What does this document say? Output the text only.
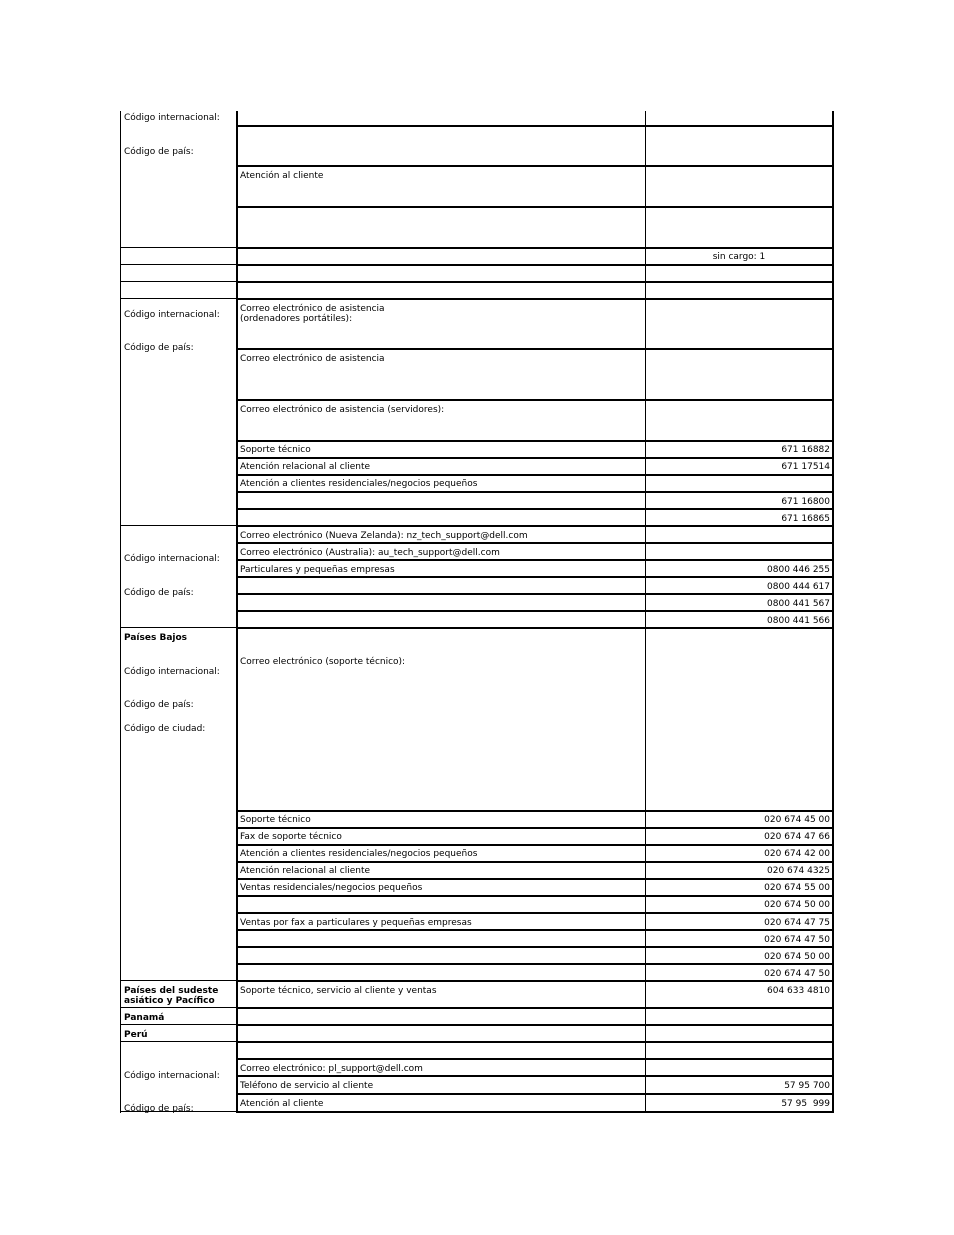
Código internacional:
Código de país:
Código internacional:
Código de país:
Código internacional:
Código de país:
Países Bajos
Código internacional:
Código de país:
Código de ciudad:
Países del sudeste
asiático y Pacífico
Panamá
Perú
Código internacional:
Código de país:
Atención al cliente
Correo electrónico de asistencia
(ordenadores portátiles):
Correo electrónico de asistencia
Correo electrónico de asistencia (servidores):
Soporte técnico
Atención relacional al cliente
Atención a clientes residenciales/negocios pequeños
Correo electrónico (Nueva Zelanda): nz_tech_support@dell.com
Correo electrónico (Australia): au_tech_support@dell.com
Particulares y pequeñas empresas
Correo electrónico (soporte técnico):
Soporte técnico
Fax de soporte técnico
Atención a clientes residenciales/negocios pequeños
Atención relacional al cliente
Ventas residenciales/negocios pequeños
Ventas por fax a particulares y pequeñas empresas
Soporte técnico, servicio al cliente y ventas
Correo electrónico: pl_support@dell.com
Teléfono de servicio al cliente
Atención al cliente
sin cargo: 1
671 16882
671 17514
671 16800
671 16865
0800 446 255
0800 444 617
0800 441 567
0800 441 566
020 674 45 00
020 674 47 66
020 674 42 00
020 674 4325
020 674 55 00
020 674 50 00
020 674 47 75
020 674 47 50
020 674 50 00
020 674 47 50
604 633 4810
57 95 700
57 95  999
